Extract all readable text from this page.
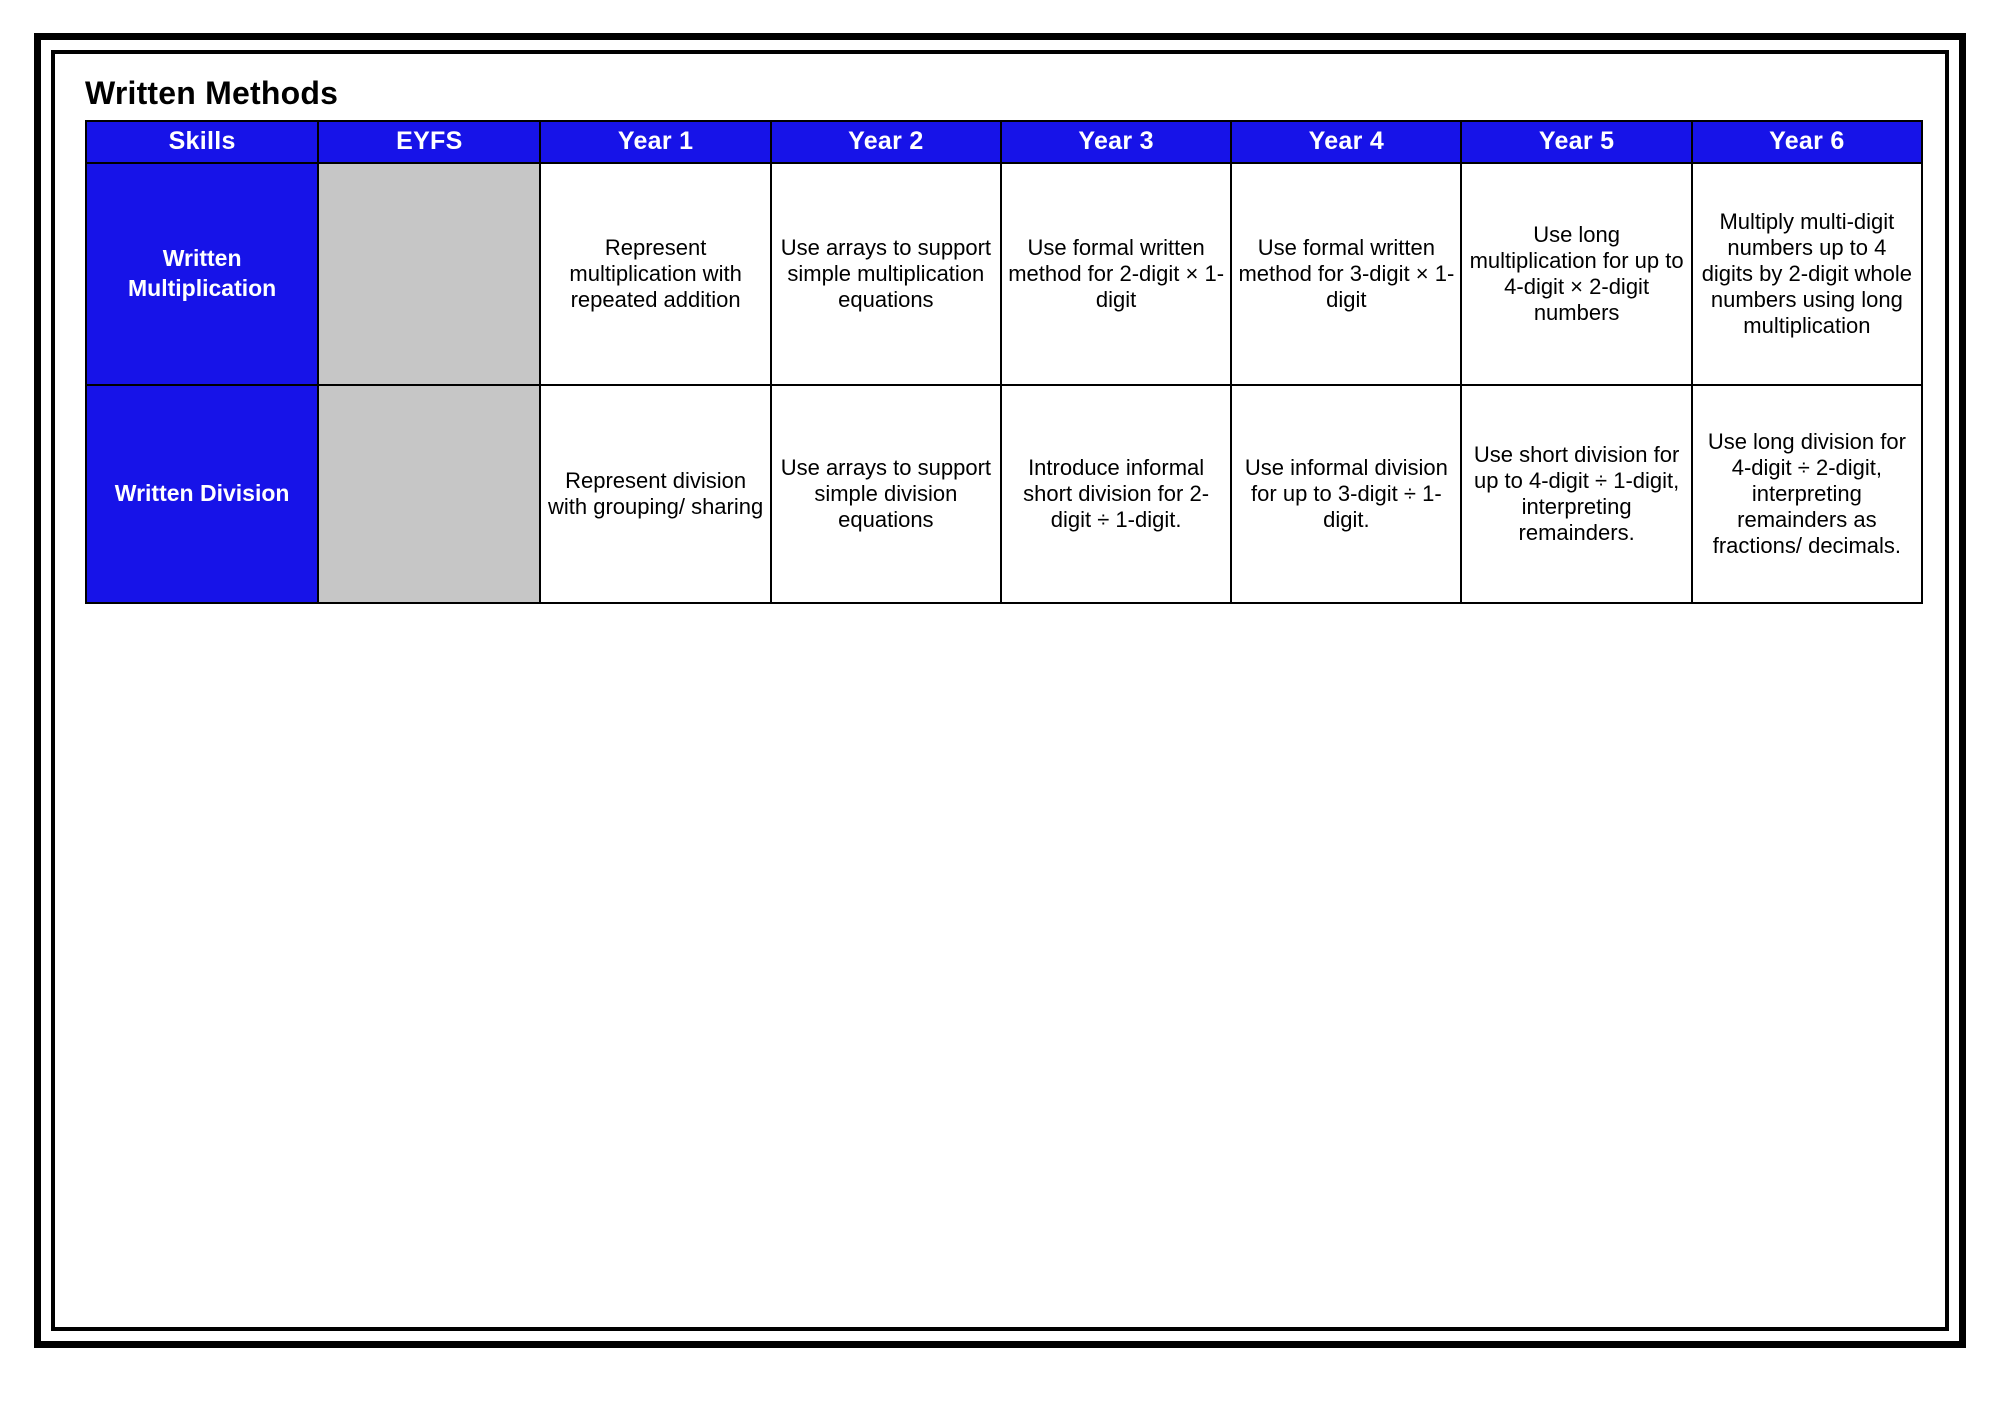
Written Methods
Skills	EYFS	Year 1	Year 2	Year 3	Year 4	Year 5	Year 6
Written Multiplication		Represent multiplication with repeated addition	Use arrays to support simple multiplication equations	Use formal written method for 2-digit × 1-digit	Use formal written method for 3-digit × 1-digit	Use long multiplication for up to 4-digit × 2-digit numbers	Multiply multi-digit numbers up to 4 digits by 2-digit whole numbers using long multiplication
Written Division		Represent division with grouping/ sharing	Use arrays to support simple division equations	Introduce informal short division for 2-digit ÷ 1-digit.	Use informal division for up to 3-digit ÷ 1-digit.	Use short division for up to 4-digit ÷ 1-digit, interpreting remainders.	Use long division for 4-digit ÷ 2-digit, interpreting remainders as fractions/ decimals.
